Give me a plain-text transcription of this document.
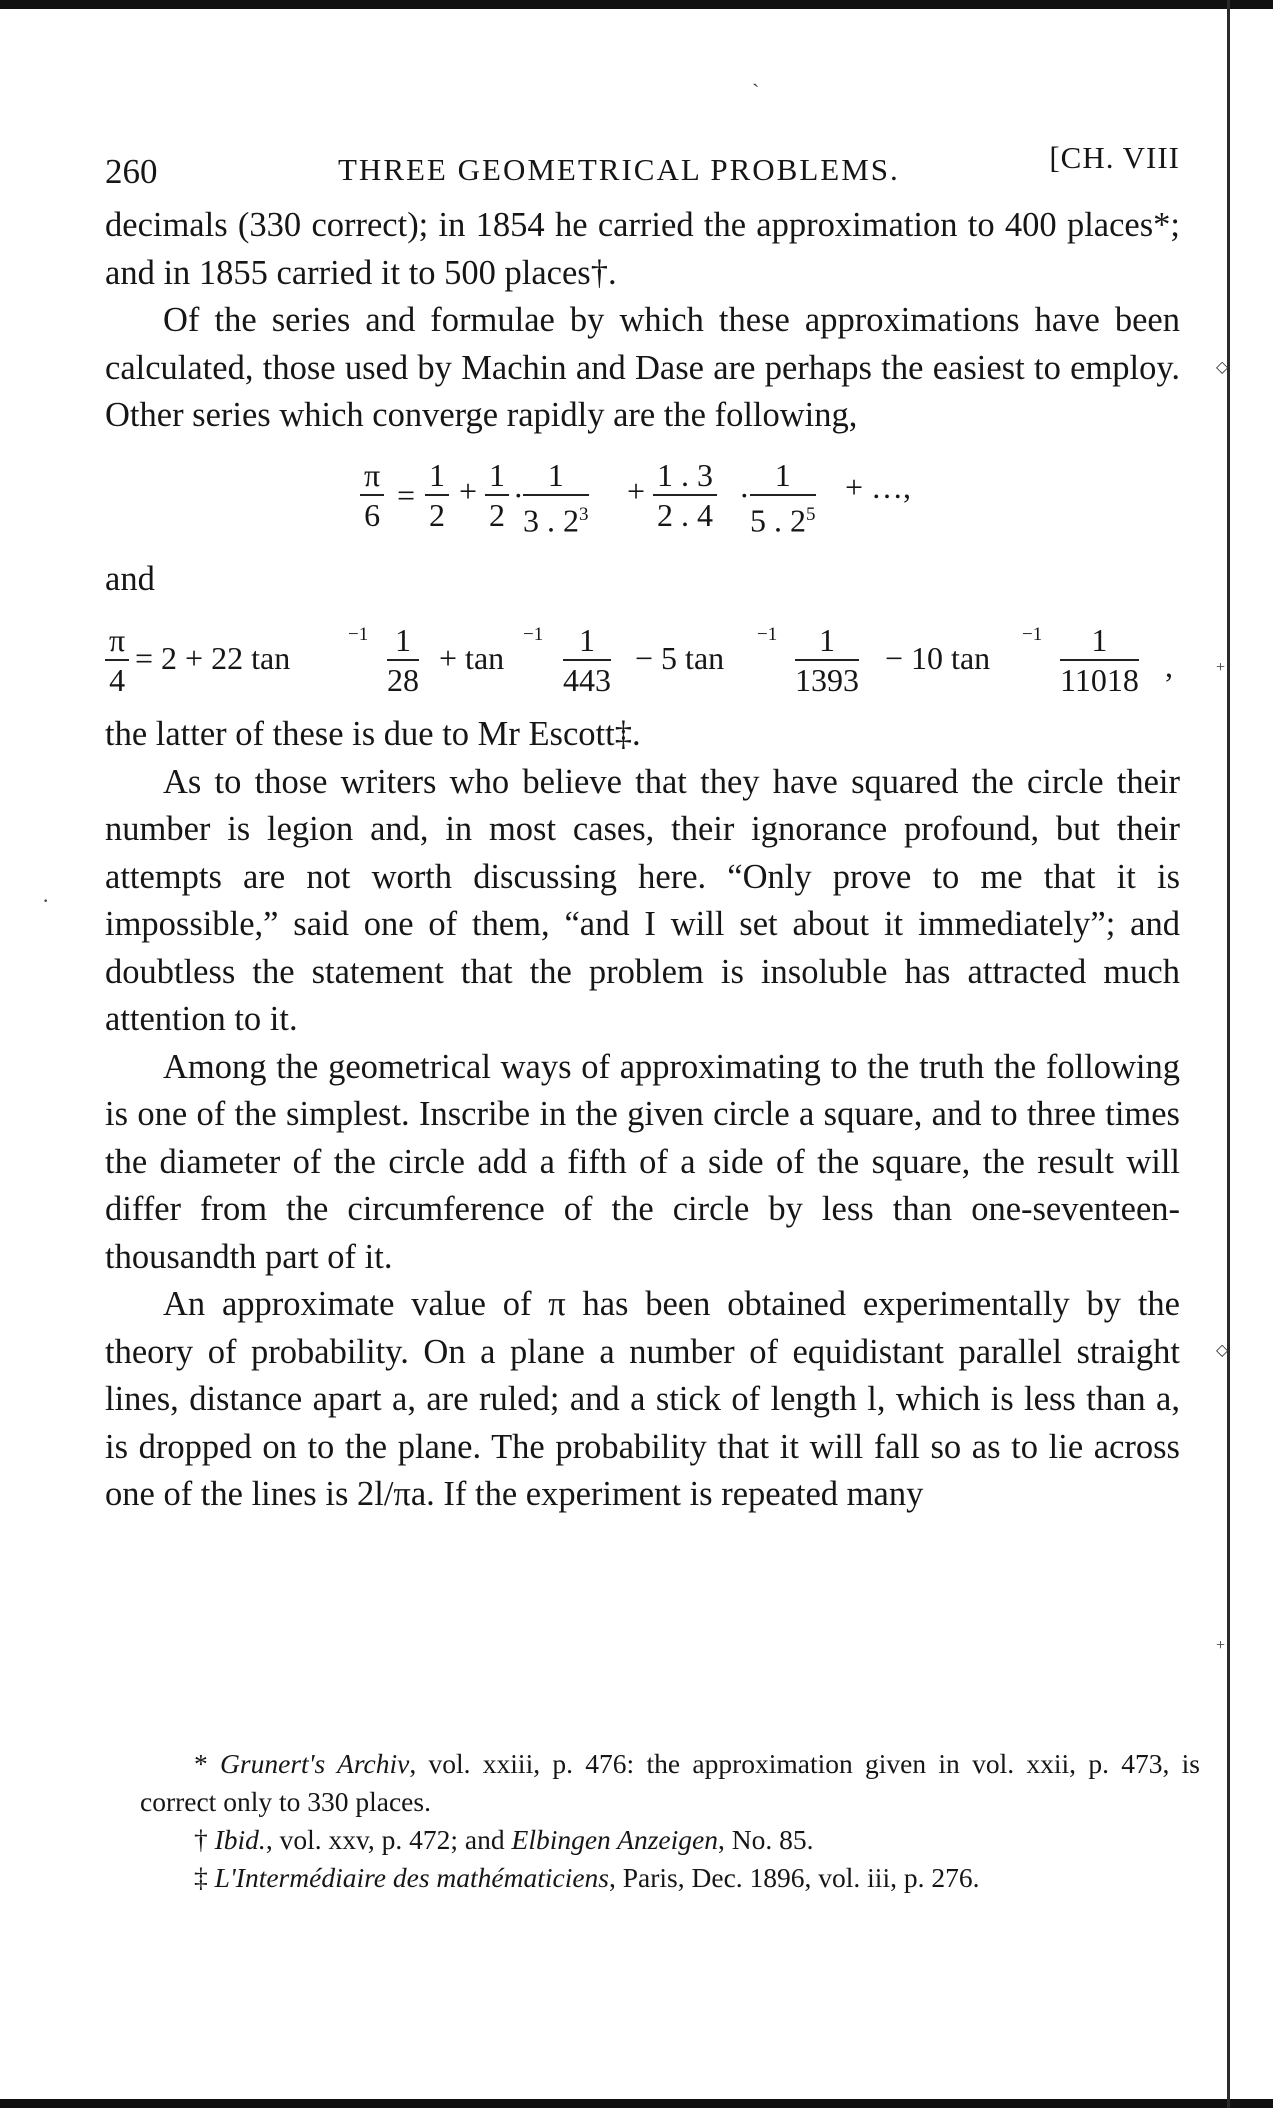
◇
+
◇
+
ˏ
·
260	THREE GEOMETRICAL PROBLEMS.	[CH. VIII

decimals (330 correct); in 1854 he carried the approximation to 400 places*; and in 1855 carried it to 500 places†.

Of the series and formulae by which these approximations have been calculated, those used by Machin and Dase are perhaps the easiest to employ. Other series which converge rapidly are the following,

$\frac{\pi}{6} = \frac{1}{2} + \frac{1}{2} \cdot \frac{1}{3 . 2^3} + \frac{1 . 3}{2 . 4} \cdot \frac{1}{5 . 2^5}$ + …,

and

$\frac{\pi}{4} = 2 + 22$ tan
$-1 \frac{1}{28} + \tan$
$-1 \frac{1}{443} - 5$ tan
$-1 \frac{1}{1393} - 10$ tan
$-1 \frac{1}{11018}$ ,

the latter of these is due to Mr Escott‡.

As to those writers who believe that they have squared the circle their number is legion and, in most cases, their ignorance profound, but their attempts are not worth discussing here. “Only prove to me that it is impossible,” said one of them, “and I will set about it immediately”; and doubtless the statement that the problem is insoluble has attracted much attention to it.

Among the geometrical ways of approximating to the truth the following is one of the simplest. Inscribe in the given circle a square, and to three times the diameter of the circle add a fifth of a side of the square, the result will differ from the circumference of the circle by less than one-seventeen-thousandth part of it.

An approximate value of π has been obtained experimentally by the theory of probability. On a plane a number of equidistant parallel straight lines, distance apart a, are ruled; and a stick of length l, which is less than a, is dropped on to the plane. The probability that it will fall so as to lie across one of the lines is 2l/πa. If the experiment is repeated many

* Grunert's Archiv, vol. xxiii, p. 476: the approximation given in vol. xxii, p. 473, is correct only to 330 places.

† Ibid., vol. xxv, p. 472; and Elbingen Anzeigen, No. 85.

‡ L'Intermédiaire des mathématiciens, Paris, Dec. 1896, vol. iii, p. 276.
